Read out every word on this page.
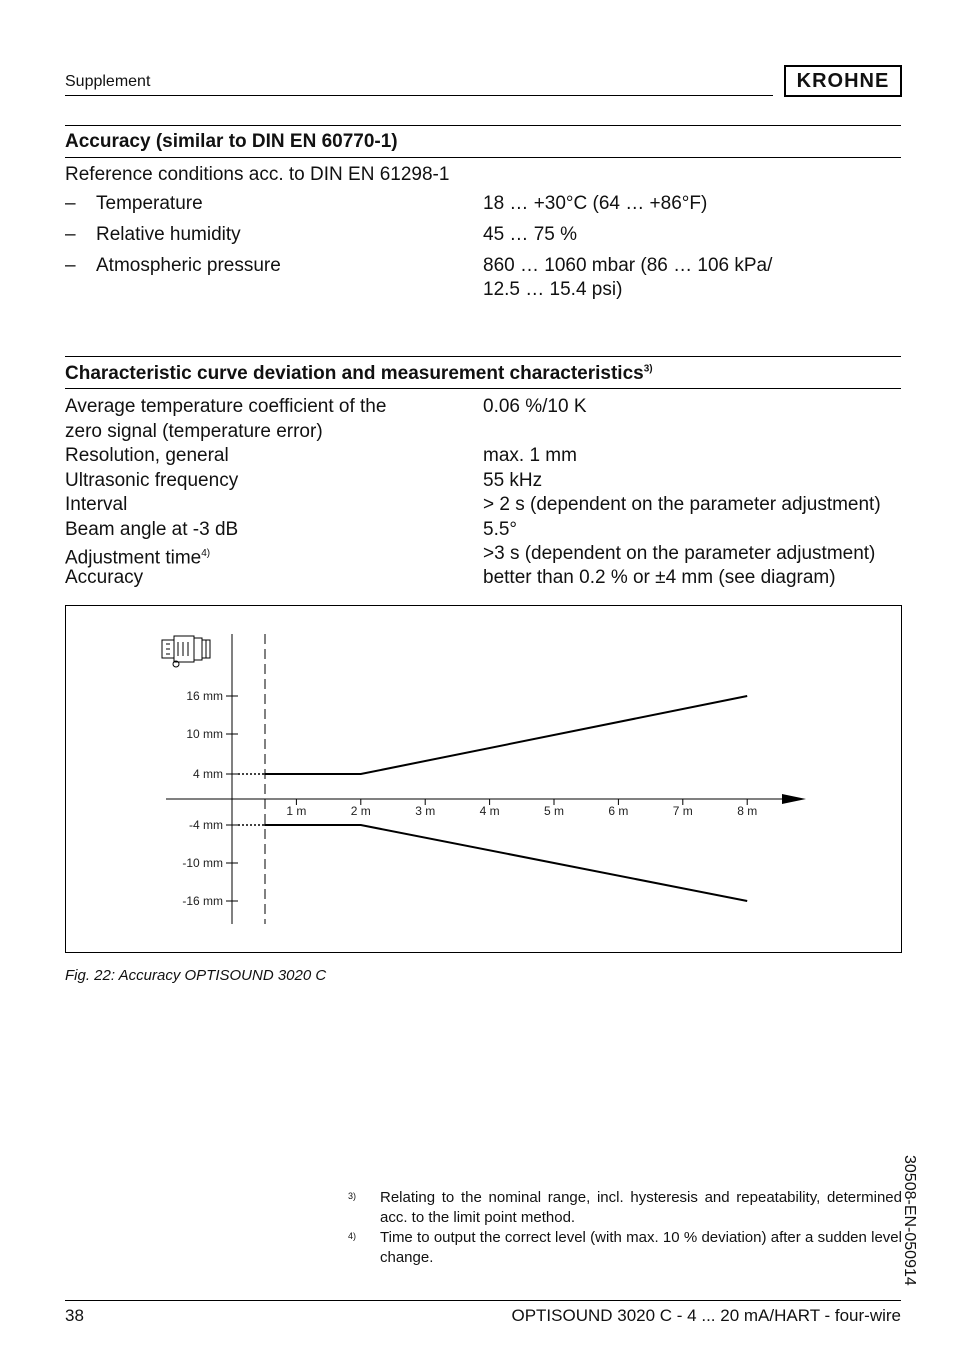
Supplement	KROHNE
Accuracy (similar to DIN EN 60770-1)
Reference conditions acc. to DIN EN 61298-1
– Temperature	18 … +30°C (64 … +86°F)
– Relative humidity	45 … 75 %
– Atmospheric pressure	860 … 1060 mbar (86 … 106 kPa/
12.5 … 15.4 psi)
Characteristic curve deviation and measurement characteristics$^{3)}$
Average temperature coefficient of the	0.06 %/10 K
zero signal (temperature error)
Resolution, general	max. 1 mm
Ultrasonic frequency	55 kHz
Interval	> 2 s (dependent on the parameter adjustment)
Beam angle at -3 dB	5.5°
Adjustment time$^{4)}$	>3 s (dependent on the parameter adjustment)
Accuracy	better than 0.2 % or ±4 mm (see diagram)
16 mm
10 mm
4 mm
-4 mm
-10 mm
-16 mm
1 m	2 m	3 m	4 m	5 m	6 m	7 m	8 m
Fig. 22: Accuracy OPTISOUND 3020 C
3) Relating to the nominal range, incl. hysteresis and repeatability, determined acc. to the limit point method.
4) Time to output the correct level (with max. 10 % deviation) after a sudden level change.	30508-EN-050914
38	OPTISOUND 3020 C - 4 ... 20 mA/HART - four-wire
